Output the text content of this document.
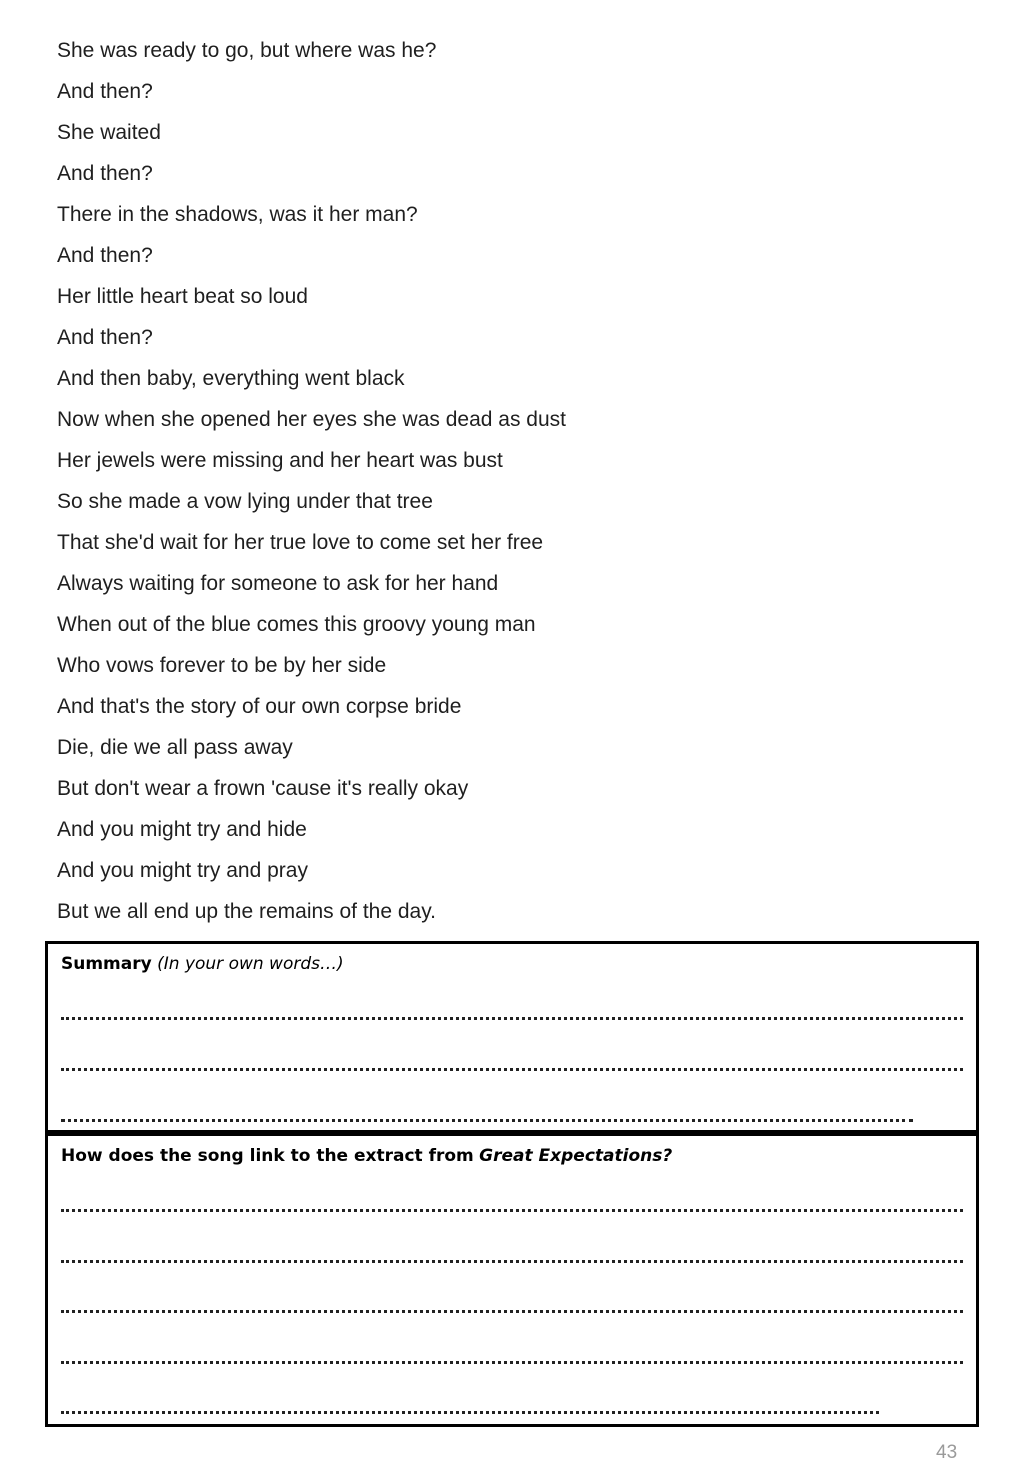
She was ready to go, but where was he?
And then?
She waited
And then?
There in the shadows, was it her man?
And then?
Her little heart beat so loud
And then?
And then baby, everything went black
Now when she opened her eyes she was dead as dust
Her jewels were missing and her heart was bust
So she made a vow lying under that tree
That she'd wait for her true love to come set her free
Always waiting for someone to ask for her hand
When out of the blue comes this groovy young man
Who vows forever to be by her side
And that's the story of our own corpse bride
Die, die we all pass away
But don't wear a frown 'cause it's really okay
And you might try and hide
And you might try and pray
But we all end up the remains of the day.
Summary (In your own words…)
How does the song link to the extract from Great Expectations?
43
